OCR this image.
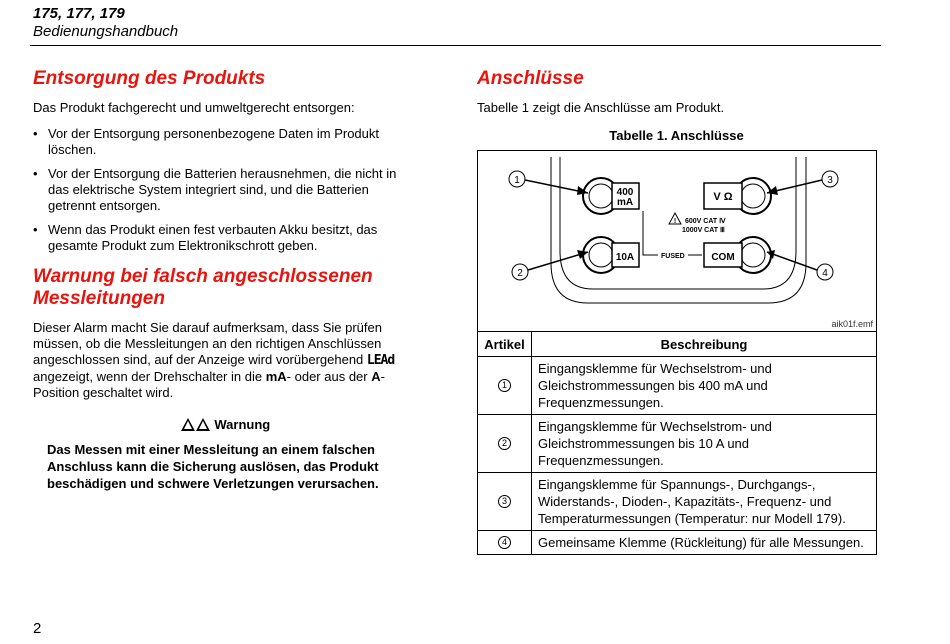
175, 177, 179
Bedienungshandbuch
Entsorgung des Produkts

Das Produkt fachgerecht und umweltgerecht entsorgen:

• Vor der Entsorgung personenbezogene Daten im Produkt löschen.
• Vor der Entsorgung die Batterien herausnehmen, die nicht in das elektrische System integriert sind, und die Batterien getrennt entsorgen.
• Wenn das Produkt einen fest verbauten Akku besitzt, das gesamte Produkt zum Elektronikschrott geben.
Warnung bei falsch angeschlossenen Messleitungen

Dieser Alarm macht Sie darauf aufmerksam, dass Sie prüfen müssen, ob die Messleitungen an den richtigen Anschlüssen angeschlossen sind, auf der Anzeige wird vorübergehend LEAd angezeigt, wenn der Drehschalter in die mA- oder aus der A-Position geschaltet wird.

Warnung
Das Messen mit einer Messleitung an einem falschen Anschluss kann die Sicherung auslösen, das Produkt beschädigen und schwere Verletzungen verursachen.
Anschlüsse

Tabelle 1 zeigt die Anschlüsse am Produkt.

Tabelle 1. Anschlüsse
400
mA
10A
V Ω
COM
FUSED
! 600V CAT Ⅳ
1000V CAT Ⅲ
1
2
3
4
aik01f.emf
Artikel	Beschreibung
1
Eingangsklemme für Wechselstrom- und Gleichstrommessungen bis 400 mA und Frequenzmessungen.
2
Eingangsklemme für Wechselstrom- und Gleichstrommessungen bis 10 A und Frequenzmessungen.
3
Eingangsklemme für Spannungs-, Durchgangs-, Widerstands-, Dioden-, Kapazitäts-, Frequenz- und Temperaturmessungen (Temperatur: nur Modell 179).
4	Gemeinsame Klemme (Rückleitung) für alle Messungen.
2
